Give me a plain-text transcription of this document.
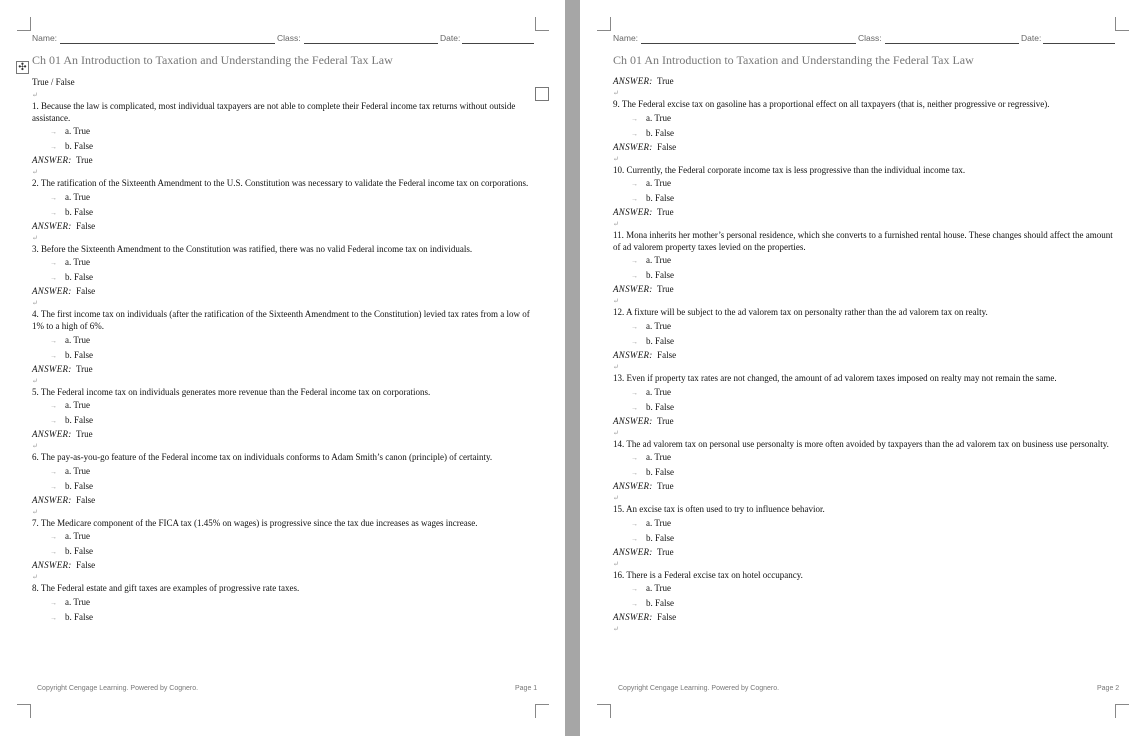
Name:	Class:	Date:
Ch 01 An Introduction to Taxation and Understanding the Federal Tax Law
✣
True / False
↵
1. Because the law is complicated, most individual taxpayers are not able to complete their Federal income tax returns without outside assistance.
→ a. True
→ b. False
ANSWER: True
↵
2. The ratification of the Sixteenth Amendment to the U.S. Constitution was necessary to validate the Federal income tax on corporations.
→ a. True
→ b. False
ANSWER: False
↵
3. Before the Sixteenth Amendment to the Constitution was ratified, there was no valid Federal income tax on individuals.
→ a. True
→ b. False
ANSWER: False
↵
4. The first income tax on individuals (after the ratification of the Sixteenth Amendment to the Constitution) levied tax rates from a low of 1% to a high of 6%.
→ a. True
→ b. False
ANSWER: True
↵
5. The Federal income tax on individuals generates more revenue than the Federal income tax on corporations.
→ a. True
→ b. False
ANSWER: True
↵
6. The pay-as-you-go feature of the Federal income tax on individuals conforms to Adam Smith’s canon (principle) of certainty.
→ a. True
→ b. False
ANSWER: False
↵
7. The Medicare component of the FICA tax (1.45% on wages) is progressive since the tax due increases as wages increase.
→ a. True
→ b. False
ANSWER: False
↵
8. The Federal estate and gift taxes are examples of progressive rate taxes.
→ a. True
→ b. False
Copyright Cengage Learning. Powered by Cognero.	Page 1
Name:	Class:	Date:
Ch 01 An Introduction to Taxation and Understanding the Federal Tax Law
ANSWER: True
↵
9. The Federal excise tax on gasoline has a proportional effect on all taxpayers (that is, neither progressive or regressive).
→ a. True
→ b. False
ANSWER: False
↵
10. Currently, the Federal corporate income tax is less progressive than the individual income tax.
→ a. True
→ b. False
ANSWER: True
↵
11. Mona inherits her mother’s personal residence, which she converts to a furnished rental house. These changes should affect the amount of ad valorem property taxes levied on the properties.
→ a. True
→ b. False
ANSWER: True
↵
12. A fixture will be subject to the ad valorem tax on personalty rather than the ad valorem tax on realty.
→ a. True
→ b. False
ANSWER: False
↵
13. Even if property tax rates are not changed, the amount of ad valorem taxes imposed on realty may not remain the same.
→ a. True
→ b. False
ANSWER: True
↵
14. The ad valorem tax on personal use personalty is more often avoided by taxpayers than the ad valorem tax on business use personalty.
→ a. True
→ b. False
ANSWER: True
↵
15. An excise tax is often used to try to influence behavior.
→ a. True
→ b. False
ANSWER: True
↵
16. There is a Federal excise tax on hotel occupancy.
→ a. True
→ b. False
ANSWER: False
↵
Copyright Cengage Learning. Powered by Cognero.	Page 2
